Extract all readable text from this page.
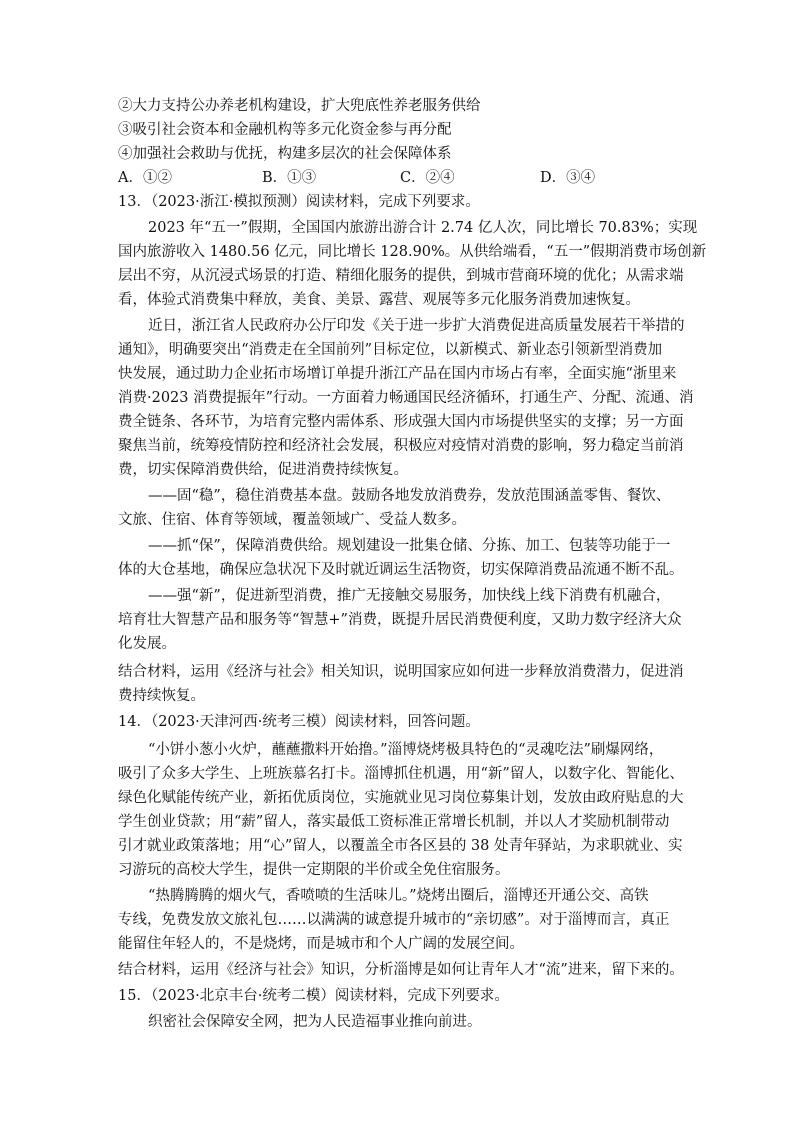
②大力支持公办养老机构建设，扩大兜底性养老服务供给
③吸引社会资本和金融机构等多元化资金参与再分配
④加强社会救助与优抚，构建多层次的社会保障体系
A．①②	B．①③	C．②④	D．③④
13．（2023·浙江·模拟预测）阅读材料，完成下列要求。
2023 年“五一”假期，全国国内旅游出游合计 2.74 亿人次，同比增长 70.83%；实现
国内旅游收入 1480.56 亿元，同比增长 128.90%。从供给端看，“五一”假期消费市场创新
层出不穷，从沉浸式场景的打造、精细化服务的提供，到城市营商环境的优化；从需求端
看，体验式消费集中释放，美食、美景、露营、观展等多元化服务消费加速恢复。
近日，浙江省人民政府办公厅印发《关于进一步扩大消费促进高质量发展若干举措的
通知》，明确要突出“消费走在全国前列”目标定位，以新模式、新业态引领新型消费加
快发展，通过助力企业拓市场增订单提升浙江产品在国内市场占有率，全面实施“浙里来
消费·2023 消费提振年”行动。一方面着力畅通国民经济循环，打通生产、分配、流通、消
费全链条、各环节，为培育完整内需体系、形成强大国内市场提供坚实的支撑；另一方面
聚焦当前，统筹疫情防控和经济社会发展，积极应对疫情对消费的影响，努力稳定当前消
费，切实保障消费供给，促进消费持续恢复。
——固“稳”，稳住消费基本盘。鼓励各地发放消费券，发放范围涵盖零售、餐饮、
文旅、住宿、体育等领域，覆盖领域广、受益人数多。
——抓“保”，保障消费供给。规划建设一批集仓储、分拣、加工、包装等功能于一
体的大仓基地，确保应急状况下及时就近调运生活物资，切实保障消费品流通不断不乱。
——强“新”，促进新型消费，推广无接触交易服务，加快线上线下消费有机融合，
培育壮大智慧产品和服务等“智慧+”消费，既提升居民消费便利度，又助力数字经济大众
化发展。
结合材料，运用《经济与社会》相关知识，说明国家应如何进一步释放消费潜力，促进消
费持续恢复。
14．（2023·天津河西·统考三模）阅读材料，回答问题。
“小饼小葱小火炉，蘸蘸撒料开始撸。”淄博烧烤极具特色的“灵魂吃法”刷爆网络，
吸引了众多大学生、上班族慕名打卡。淄博抓住机遇，用“新”留人，以数字化、智能化、
绿色化赋能传统产业，新拓优质岗位，实施就业见习岗位募集计划，发放由政府贴息的大
学生创业贷款；用“薪”留人，落实最低工资标准正常增长机制，并以人才奖励机制带动
引才就业政策落地；用“心”留人，以覆盖全市各区县的 38 处青年驿站，为求职就业、实
习游玩的高校大学生，提供一定期限的半价或全免住宿服务。
“热腾腾腾的烟火气，香喷喷的生活味儿。”烧烤出圈后，淄博还开通公交、高铁
专线，免费发放文旅礼包……以满满的诚意提升城市的“亲切感”。对于淄博而言，真正
能留住年轻人的，不是烧烤，而是城市和个人广阔的发展空间。
结合材料，运用《经济与社会》知识，分析淄博是如何让青年人才“流”进来，留下来的。
15．（2023·北京丰台·统考二模）阅读材料，完成下列要求。
织密社会保障安全网，把为人民造福事业推向前进。
